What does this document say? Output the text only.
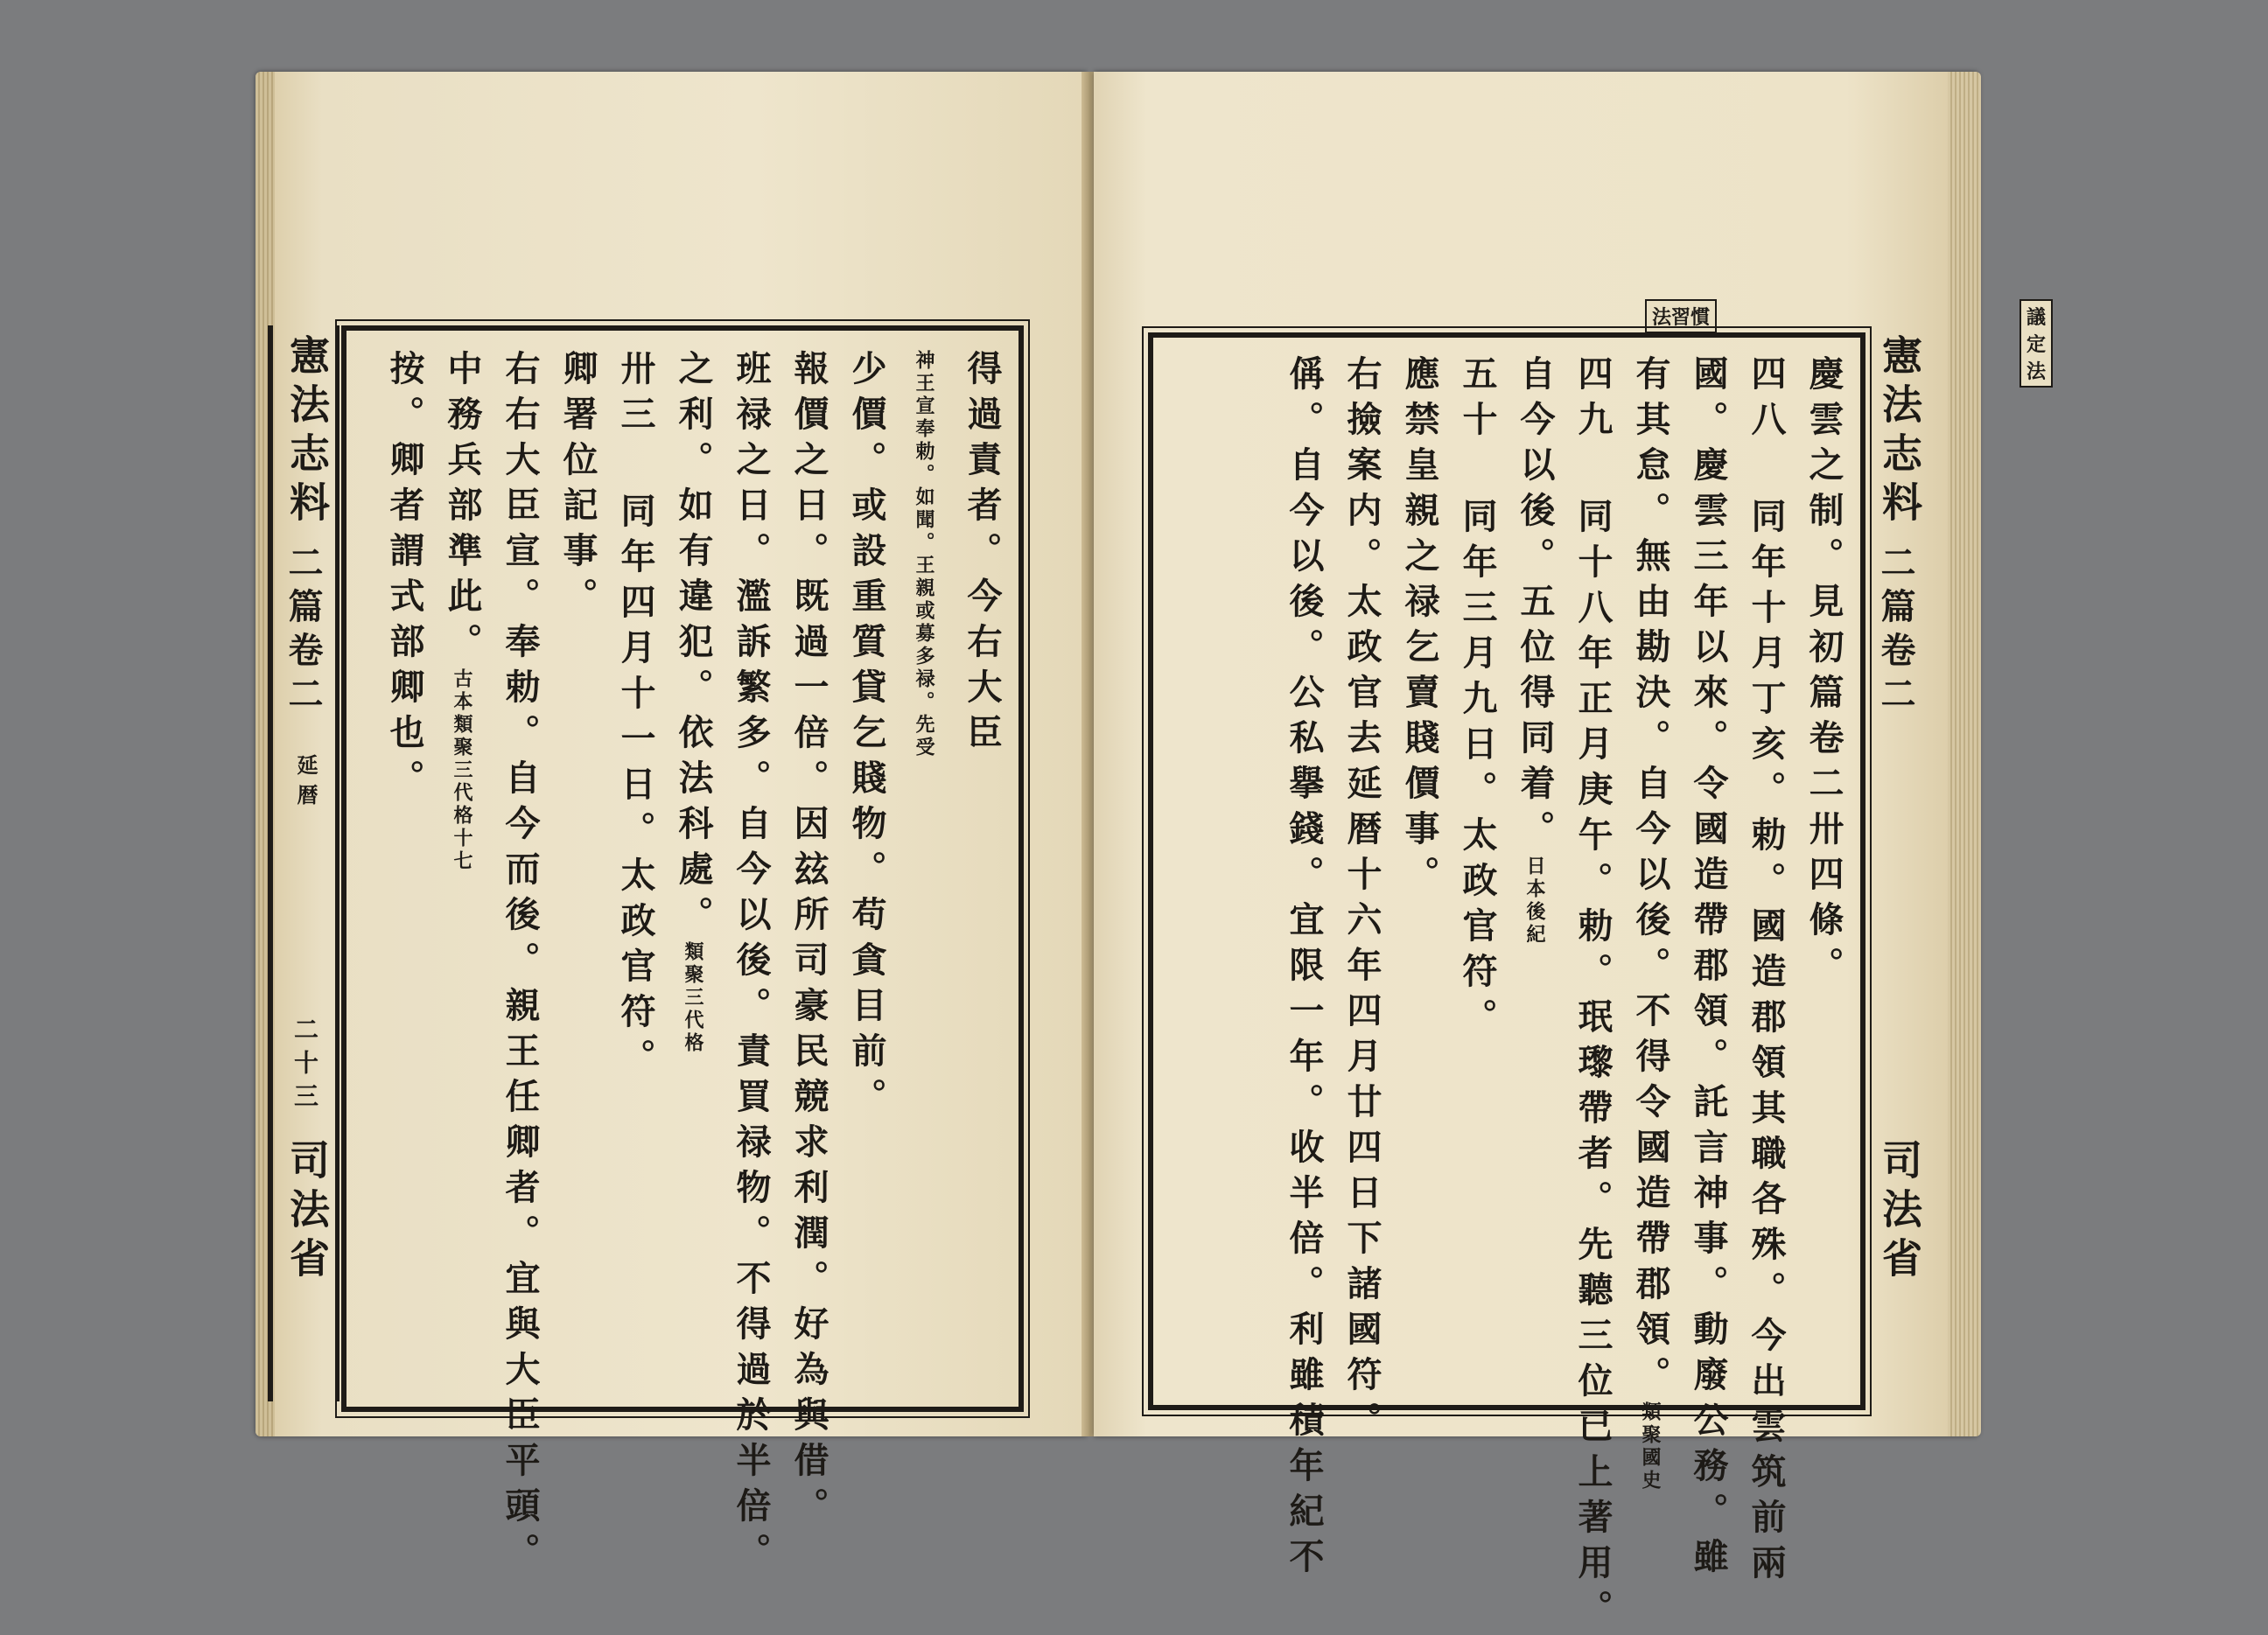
憲法志料
二篇卷二
延暦
二十三
司法省
得過責者。今右大臣
神王宣奉勅。如聞。王親或募多禄。先受
少價。或設重質貸乞賤物。苟貪目前。
報價之日。既過一倍。因玆所司豪民競求利潤。好為與借。
班禄之日。濫訴繁多。自今以後。責買禄物。不得過於半倍。
之利。如有違犯。依法科處。類聚三代格
卅三 同年四月十一日。太政官符。
卿署位記事。
右右大臣宣。奉勅。自今而後。親王任卿者。宜與大臣平頭。
中務兵部準此。古本類聚三代格十七
按。卿者謂式部卿也。
法習慣	議定法
慶雲之制。見初篇卷二卅四條。
四八 同年十月丁亥。勅。國造郡領其職各殊。今出雲筑前兩
國。慶雲三年以來。令國造帶郡領。託言神事。動廢公務。雖
有其怠。無由勘決。自今以後。不得令國造帶郡領。類聚國史
四九 同十八年正月庚午。勅。珉瓈帶者。先聽三位已上著用。
自今以後。五位得同着。日本後紀
五十 同年三月九日。太政官符。
應禁皇親之禄乞賣賤價事。
右撿案内。太政官去延暦十六年四月廿四日下諸國符。
偁。自今以後。公私擧錢。宜限一年。收半倍。利雖積年紀不	憲法志料
二篇卷二
司法省
